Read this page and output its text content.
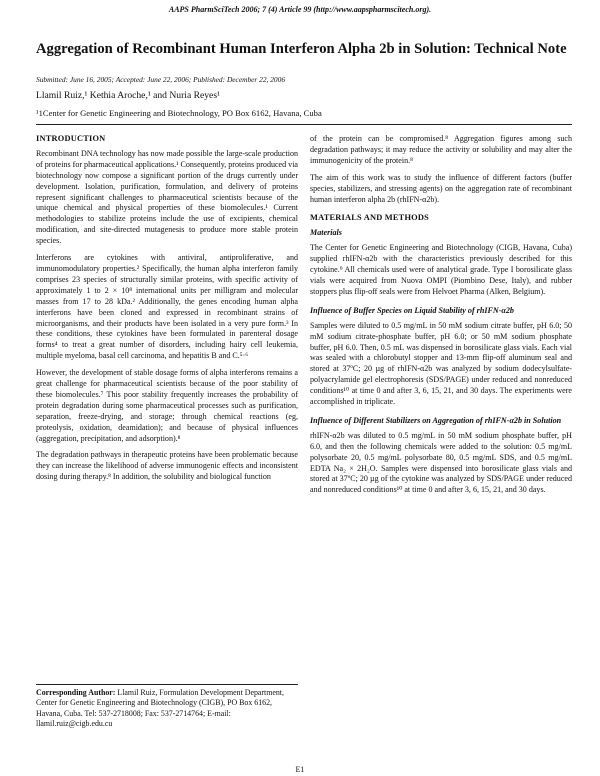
AAPS PharmSciTech 2006; 7 (4) Article 99 (http://www.aapspharmscitech.org).
Aggregation of Recombinant Human Interferon Alpha 2b in Solution: Technical Note
Submitted: June 16, 2005; Accepted: June 22, 2006; Published: December 22, 2006
Llamil Ruiz,¹ Kethia Aroche,¹ and Nuria Reyes¹
¹1Center for Genetic Engineering and Biotechnology, PO Box 6162, Havana, Cuba
INTRODUCTION

Recombinant DNA technology has now made possible the large-scale production of proteins for pharmaceutical applications.¹ Consequently, proteins produced via biotechnology now compose a significant portion of the drugs currently under development. Isolation, purification, formulation, and delivery of proteins represent significant challenges to pharmaceutical scientists because of the unique chemical and physical properties of these biomolecules.¹ Current methodologies to stabilize proteins include the use of excipients, chemical modification, and site-directed mutagenesis to produce more stable protein species.

Interferons are cytokines with antiviral, antiproliferative, and immunomodulatory properties.² Specifically, the human alpha interferon family comprises 23 species of structurally similar proteins, with specific activity of approximately 1 to 2 × 10⁸ international units per milligram and molecular masses from 17 to 28 kDa.² Additionally, the genes encoding human alpha interferons have been cloned and expressed in recombinant strains of microorganisms, and their products have been isolated in a very pure form.³ In these conditions, these cytokines have been formulated in parenteral dosage forms⁴ to treat a great number of disorders, including hairy cell leukemia, multiple myeloma, basal cell carcinoma, and hepatitis B and C.⁵·⁶

However, the development of stable dosage forms of alpha interferons remains a great challenge for pharmaceutical scientists because of the poor stability of these biomolecules.⁷ This poor stability frequently increases the probability of protein degradation during some pharmaceutical processes such as purification, separation, freeze-drying, and storage; through chemical reactions (eg, proteolysis, oxidation, deamidation); and because of physical influences (aggregation, precipitation, and adsorption).⁸

The degradation pathways in therapeutic proteins have been problematic because they can increase the likelihood of adverse immunogenic effects and inconsistent dosing during therapy.⁸ In addition, the solubility and biological function

Corresponding Author: Llamil Ruiz, Formulation Development Department, Center for Genetic Engineering and Biotechnology (CIGB), PO Box 6162, Havana, Cuba. Tel: 537-2718008; Fax: 537-2714764; E-mail: llamil.ruiz@cigb.edu.cu

of the protein can be compromised.⁸ Aggregation figures among such degradation pathways; it may reduce the activity or solubility and may alter the immunogenicity of the protein.⁸

The aim of this work was to study the influence of different factors (buffer species, stabilizers, and stressing agents) on the aggregation rate of recombinant human interferon alpha 2b (rhIFN-α2b).

MATERIALS AND METHODS
Materials

The Center for Genetic Engineering and Biotechnology (CIGB, Havana, Cuba) supplied rhIFN-α2b with the characteristics previously described for this cytokine.⁹ All chemicals used were of analytical grade. Type I borosilicate glass vials were acquired from Nuova OMPI (Piombino Dese, Italy), and rubber stoppers plus flip-off seals were from Helvoet Pharma (Alken, Belgium).

Influence of Buffer Species on Liquid Stability of rhIFN-α2b

Samples were diluted to 0.5 mg/mL in 50 mM sodium citrate buffer, pH 6.0; 50 mM sodium citrate-phosphate buffer, pH 6.0; or 50 mM sodium phosphate buffer, pH 6.0. Then, 0.5 mL was dispensed in borosilicate glass vials. Each vial was sealed with a chlorobutyl stopper and 13-mm flip-off aluminum seal and stored at 37ºC; 20 µg of rhIFN-α2b was analyzed by sodium dodecylsulfate-polyacrylamide gel electrophoresis (SDS/PAGE) under reduced and nonreduced conditions¹⁰ at time 0 and after 3, 6, 15, 21, and 30 days. The experiments were accomplished in triplicate.

Influence of Different Stabilizers on Aggregation of rhIFN-α2b in Solution

rhIFN-α2b was diluted to 0.5 mg/mL in 50 mM sodium phosphate buffer, pH 6.0, and then the following chemicals were added to the solution: 0.5 mg/mL polysorbate 20, 0.5 mg/mL polysorbate 80, 0.5 mg/mL SDS, and 0.5 mg/mL EDTA Na₂ × 2H₂O. Samples were dispensed into borosilicate glass vials and stored at 37ºC; 20 µg of the cytokine was analyzed by SDS/PAGE under reduced and nonreduced conditions¹⁰ at time 0 and after 3, 6, 15, 21, and 30 days.

E1
